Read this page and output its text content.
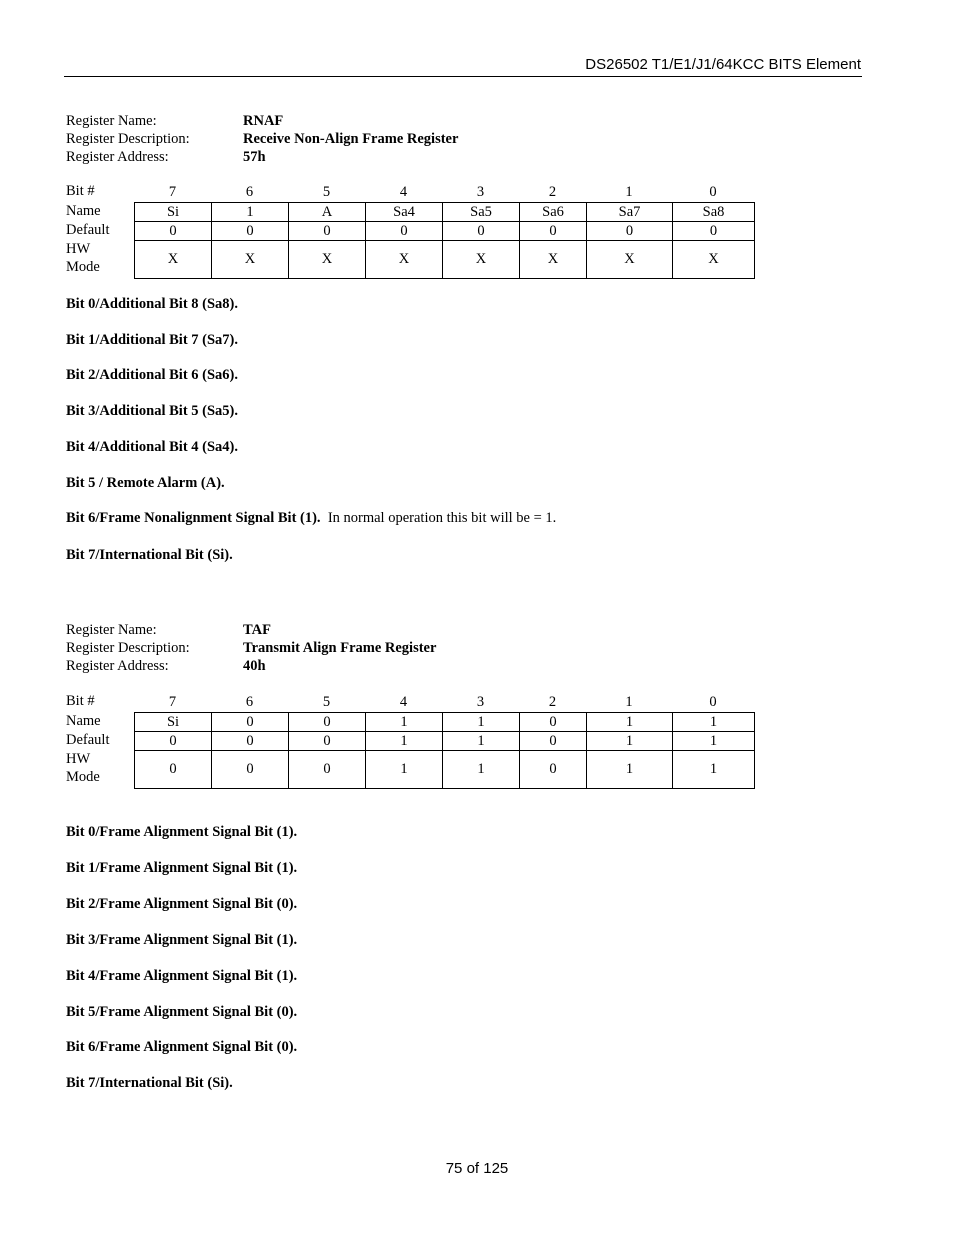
DS26502 T1/E1/J1/64KCC BITS Element
Register Name:	RNAF
Register Description:	Receive Non-Align Frame Register
Register Address:	57h
Bit #	7	6	5	4	3	2	1	0
Name	Si	1	A	Sa4	Sa5	Sa6	Sa7	Sa8
Default	0	0	0	0	0	0	0	0
HW
Mode	X	X	X	X	X	X	X	X
Bit 0/Additional Bit 8 (Sa8).
Bit 1/Additional Bit 7 (Sa7).
Bit 2/Additional Bit 6 (Sa6).
Bit 3/Additional Bit 5 (Sa5).
Bit 4/Additional Bit 4 (Sa4).
Bit 5 / Remote Alarm (A).
Bit 6/Frame Nonalignment Signal Bit (1). In normal operation this bit will be = 1.
Bit 7/International Bit (Si).
Register Name:	TAF
Register Description:	Transmit Align Frame Register
Register Address:	40h
Bit #	7	6	5	4	3	2	1	0
Name	Si	0	0	1	1	0	1	1
Default	0	0	0	1	1	0	1	1
HW
Mode	0	0	0	1	1	0	1	1
Bit 0/Frame Alignment Signal Bit (1).
Bit 1/Frame Alignment Signal Bit (1).
Bit 2/Frame Alignment Signal Bit (0).
Bit 3/Frame Alignment Signal Bit (1).
Bit 4/Frame Alignment Signal Bit (1).
Bit 5/Frame Alignment Signal Bit (0).
Bit 6/Frame Alignment Signal Bit (0).
Bit 7/International Bit (Si).
75 of 125
